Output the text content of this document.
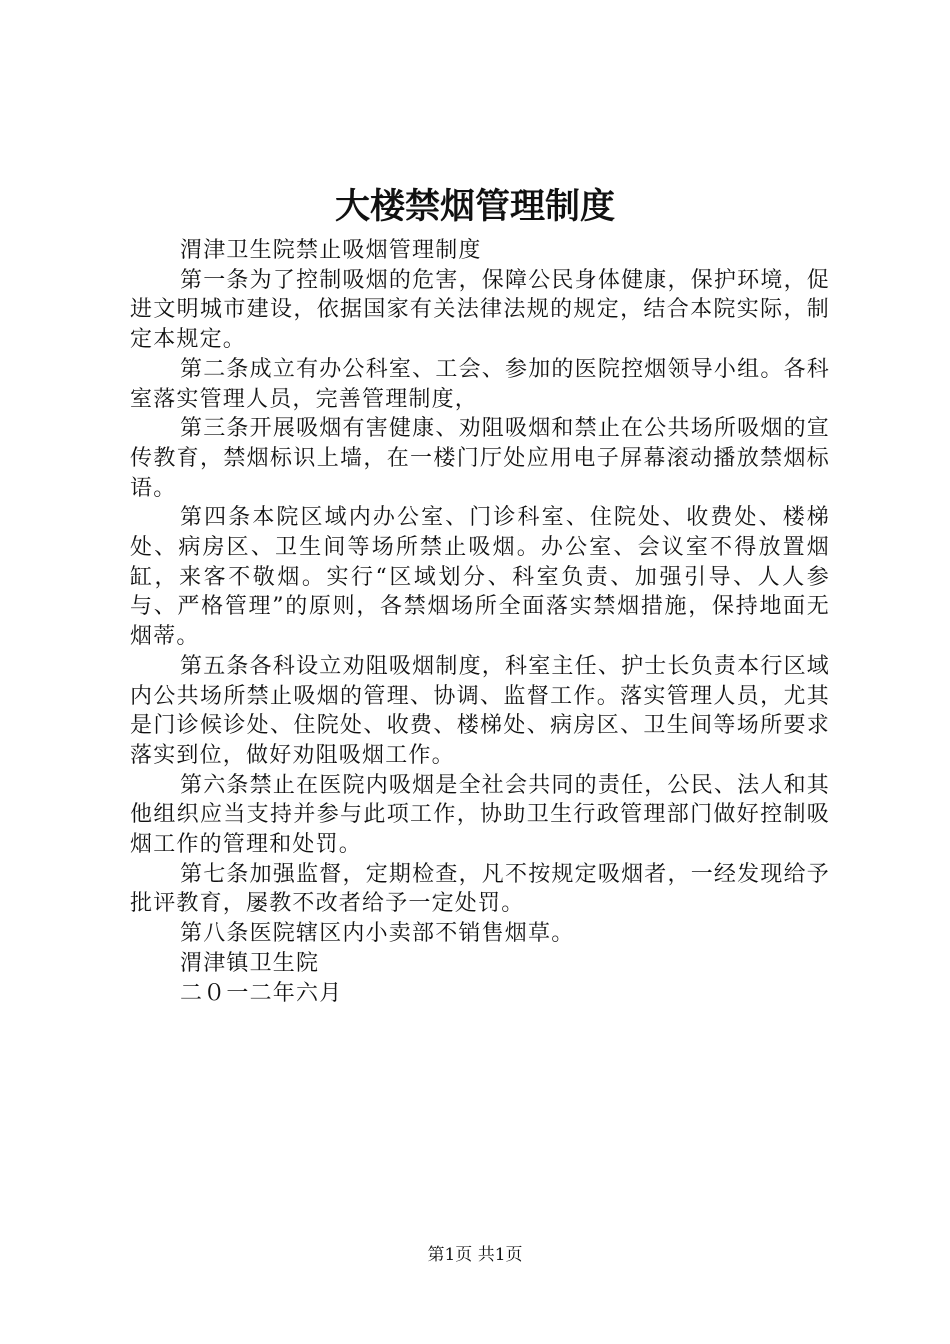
大楼禁烟管理制度

渭津卫生院禁止吸烟管理制度

第一条为了控制吸烟的危害，保障公民身体健康，保护环境，促进文明城市建设，依据国家有关法律法规的规定，结合本院实际，制定本规定。

第二条成立有办公科室、工会、参加的医院控烟领导小组。各科室落实管理人员，完善管理制度，

第三条开展吸烟有害健康、劝阻吸烟和禁止在公共场所吸烟的宣传教育，禁烟标识上墙，在一楼门厅处应用电子屏幕滚动播放禁烟标语。

第四条本院区域内办公室、门诊科室、住院处、收费处、楼梯处、病房区、卫生间等场所禁止吸烟。办公室、会议室不得放置烟缸，来客不敬烟。实行“区域划分、科室负责、加强引导、人人参与、严格管理”的原则，各禁烟场所全面落实禁烟措施，保持地面无烟蒂。

第五条各科设立劝阻吸烟制度，科室主任、护士长负责本行区域内公共场所禁止吸烟的管理、协调、监督工作。落实管理人员，尤其是门诊候诊处、住院处、收费、楼梯处、病房区、卫生间等场所要求落实到位，做好劝阻吸烟工作。

第六条禁止在医院内吸烟是全社会共同的责任，公民、法人和其他组织应当支持并参与此项工作，协助卫生行政管理部门做好控制吸烟工作的管理和处罚。

第七条加强监督，定期检查，凡不按规定吸烟者，一经发现给予批评教育，屡教不改者给予一定处罚。

第八条医院辖区内小卖部不销售烟草。

渭津镇卫生院

二０一二年六月

第1页 共1页
